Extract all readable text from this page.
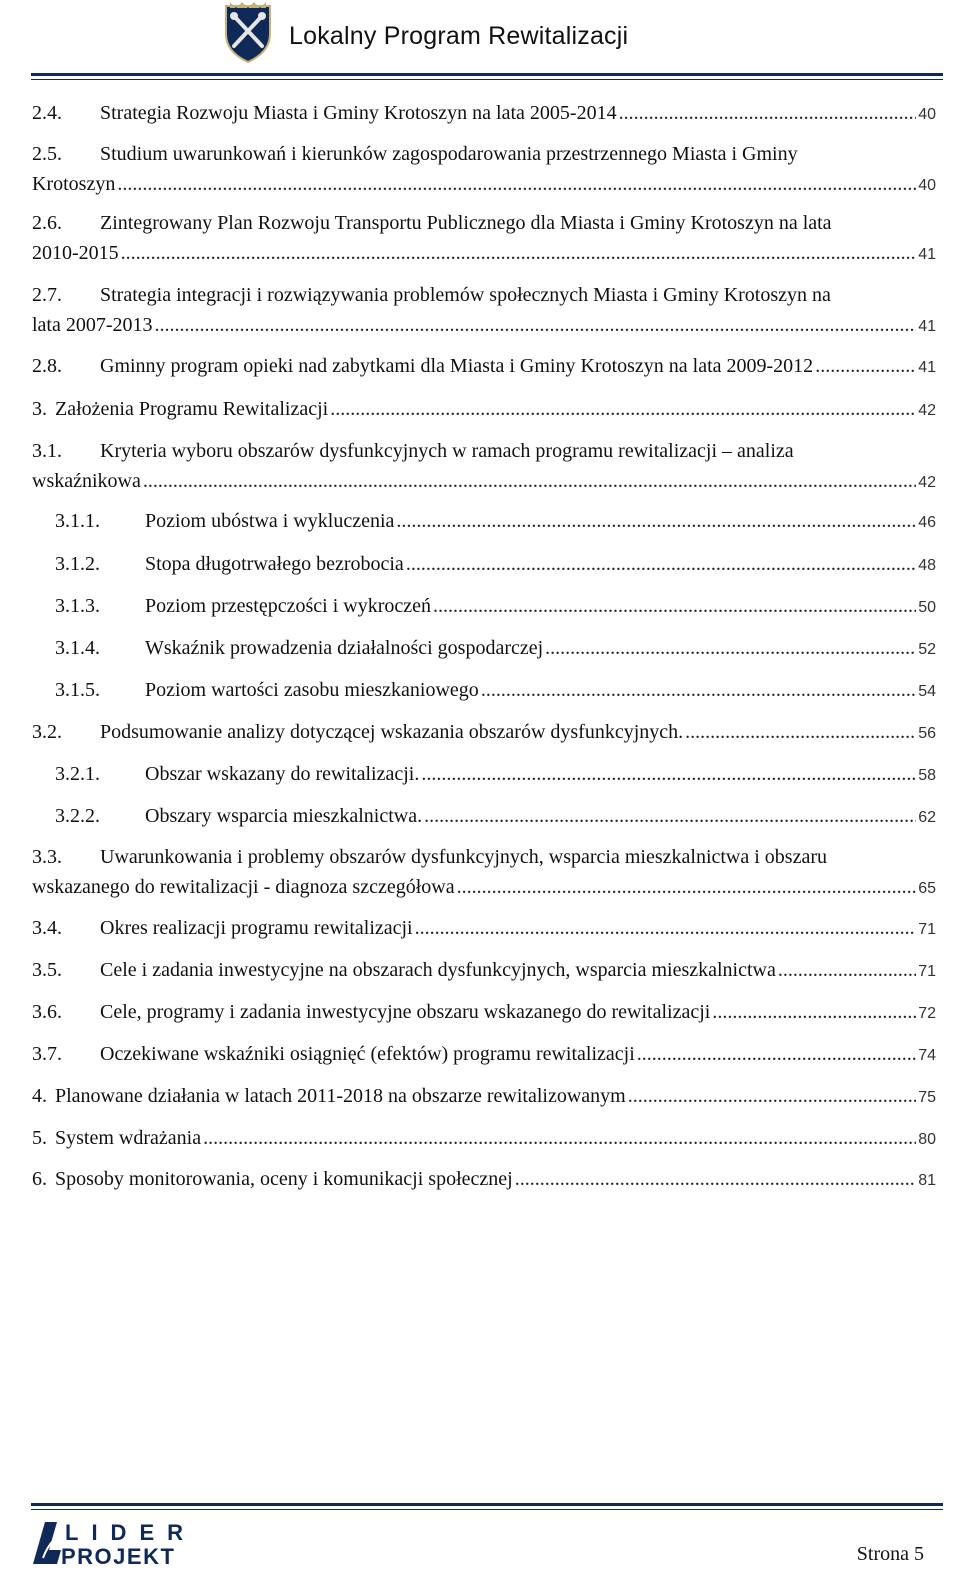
Lokalny Program Rewitalizacji
2.4. Strategia Rozwoju Miasta i Gminy Krotoszyn na lata 2005-2014 .....	40
2.5. Studium uwarunkowań i kierunków zagospodarowania przestrzennego Miasta i Gminy
Krotoszyn .....	40
2.6. Zintegrowany Plan Rozwoju Transportu Publicznego dla Miasta i Gminy Krotoszyn na lata
2010-2015 .....	41
2.7. Strategia integracji i rozwiązywania problemów społecznych Miasta i Gminy Krotoszyn na
lata 2007-2013 .....	41
2.8. Gminny program opieki nad zabytkami dla Miasta i Gminy Krotoszyn na lata 2009-2012 .....	41
3. Założenia Programu Rewitalizacji .....	42
3.1. Kryteria wyboru obszarów dysfunkcyjnych w ramach programu rewitalizacji – analiza
wskaźnikowa .....	42
3.1.1. Poziom ubóstwa i wykluczenia .....	46
3.1.2. Stopa długotrwałego bezrobocia .....	48
3.1.3. Poziom przestępczości i wykroczeń .....	50
3.1.4. Wskaźnik prowadzenia działalności gospodarczej .....	52
3.1.5. Poziom wartości zasobu mieszkaniowego .....	54
3.2. Podsumowanie analizy dotyczącej wskazania obszarów dysfunkcyjnych. .....	56
3.2.1. Obszar wskazany do rewitalizacji. .....	58
3.2.2. Obszary wsparcia mieszkalnictwa. .....	62
3.3. Uwarunkowania i problemy obszarów dysfunkcyjnych, wsparcia mieszkalnictwa i obszaru
wskazanego do rewitalizacji - diagnoza szczegółowa .....	65
3.4. Okres realizacji programu rewitalizacji .....	71
3.5. Cele i zadania inwestycyjne na obszarach dysfunkcyjnych, wsparcia mieszkalnictwa .....	71
3.6. Cele, programy i zadania inwestycyjne obszaru wskazanego do rewitalizacji .....	72
3.7. Oczekiwane wskaźniki osiągnięć (efektów) programu rewitalizacji .....	74
4. Planowane działania w latach 2011-2018 na obszarze rewitalizowanym .....	75
5. System wdrażania .....	80
6. Sposoby monitorowania, oceny i komunikacji społecznej .....	81
LIDER
PROJEKT	Strona 5
